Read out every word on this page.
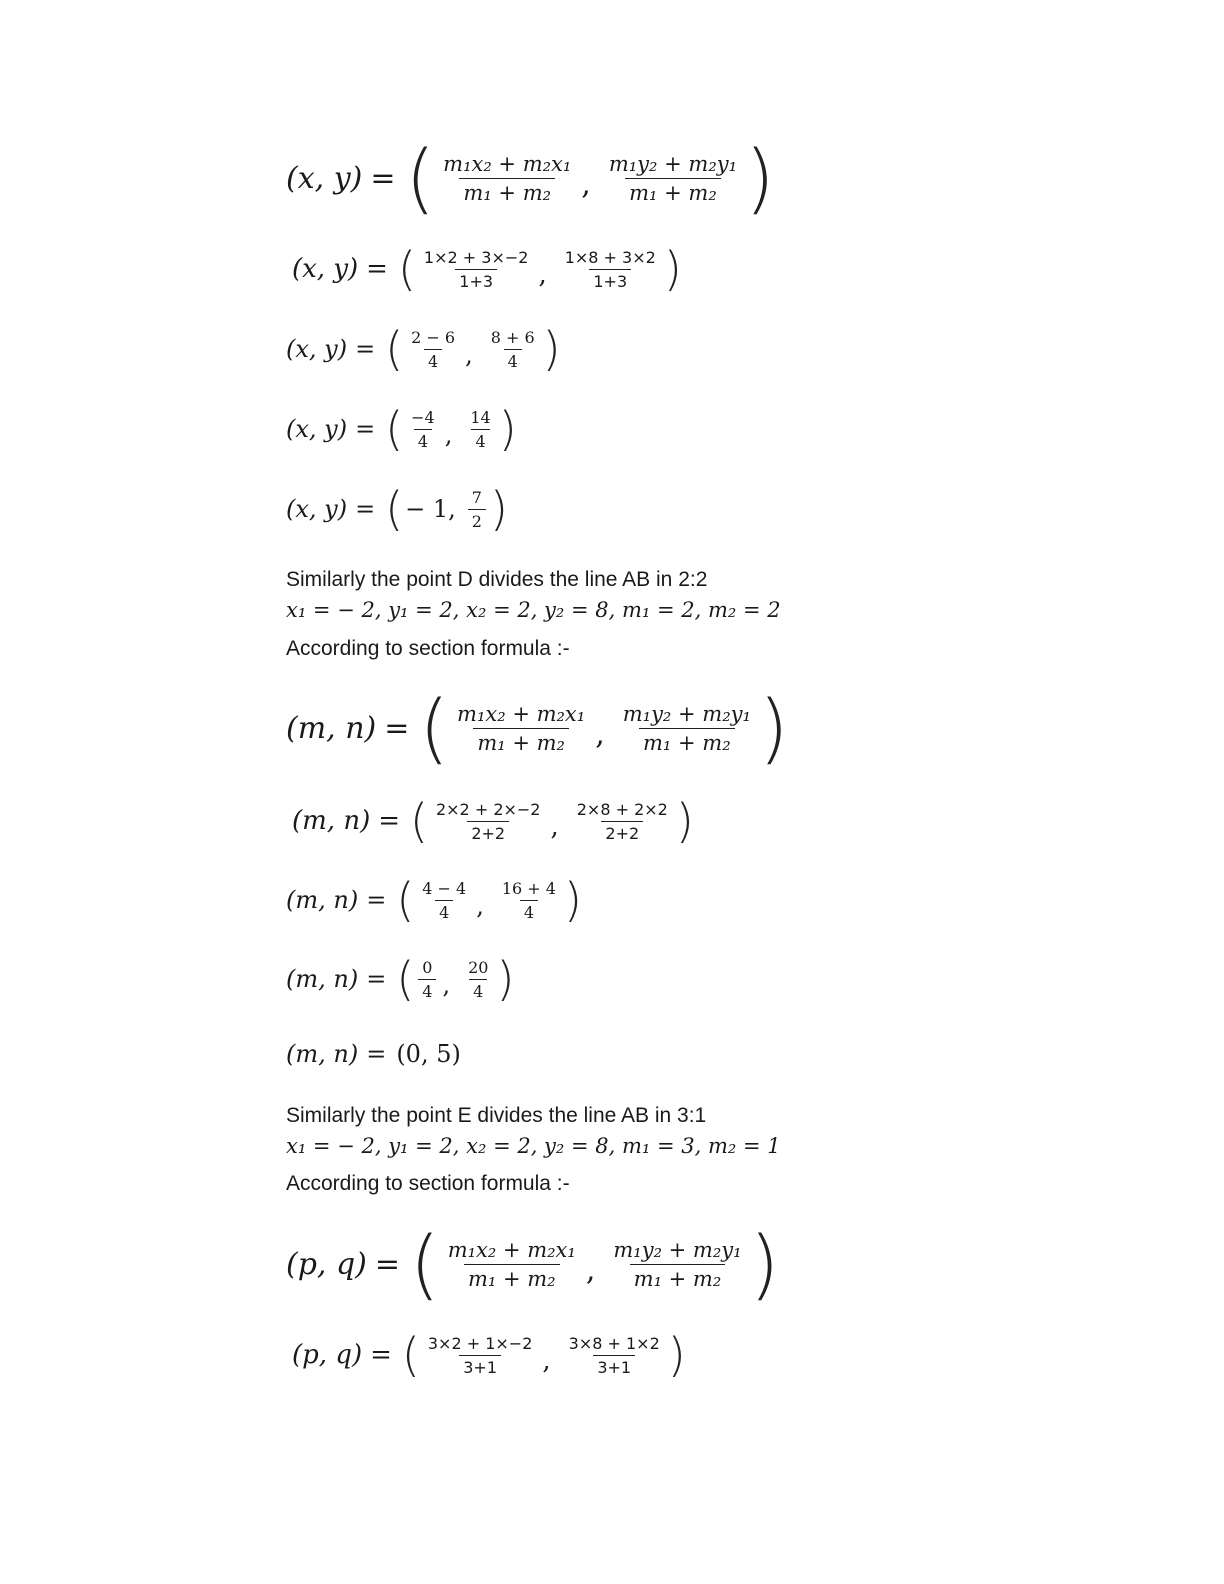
(x, y) = ( $\frac{\text{m₁x₂ + m₂x₁}}{\text{m₁ + m₂}}$ , $\frac{\text{m₁y₂ + m₂y₁}}{\text{m₁ + m₂}}$ )
(x, y) = ( $\frac{1\times 2 + 3\times-2}{1+3}$ , $\frac{1\times 8 + 3\times 2}{1+3}$ )
(x, y) = ( $\frac{2 - 6}{4}$ , $\frac{8 + 6}{4}$ )
(x, y) = ( $\frac{-4}{4}$ , $\frac{14}{4}$ )
(x, y) = ( − 1, $\frac{7}{2}$ )
Similarly the point D divides the line AB in 2:2
x₁ = − 2, y₁ = 2, x₂ = 2, y₂ = 8, m₁ = 2, m₂ = 2
According to section formula :-
(m, n) = ( $\frac{\text{m₁x₂ + m₂x₁}}{\text{m₁ + m₂}}$ , $\frac{\text{m₁y₂ + m₂y₁}}{\text{m₁ + m₂}}$ )
(m, n) = ( $\frac{2\times 2 + 2\times-2}{2+2}$ , $\frac{2\times 8 + 2\times 2}{2+2}$ )
(m, n) = ( $\frac{4 - 4}{4}$ , $\frac{16 + 4}{4}$ )
(m, n) = ( $\frac{0}{4}$ , $\frac{20}{4}$ )
(m, n) = (0, 5)
Similarly the point E divides the line AB in 3:1
x₁ = − 2, y₁ = 2, x₂ = 2, y₂ = 8, m₁ = 3, m₂ = 1
According to section formula :-
(p, q) = ( $\frac{\text{m₁x₂ + m₂x₁}}{\text{m₁ + m₂}}$ , $\frac{\text{m₁y₂ + m₂y₁}}{\text{m₁ + m₂}}$ )
(p, q) = ( $\frac{3\times 2 + 1\times-2}{3+1}$ , $\frac{3\times 8 + 1\times 2}{3+1}$ )
